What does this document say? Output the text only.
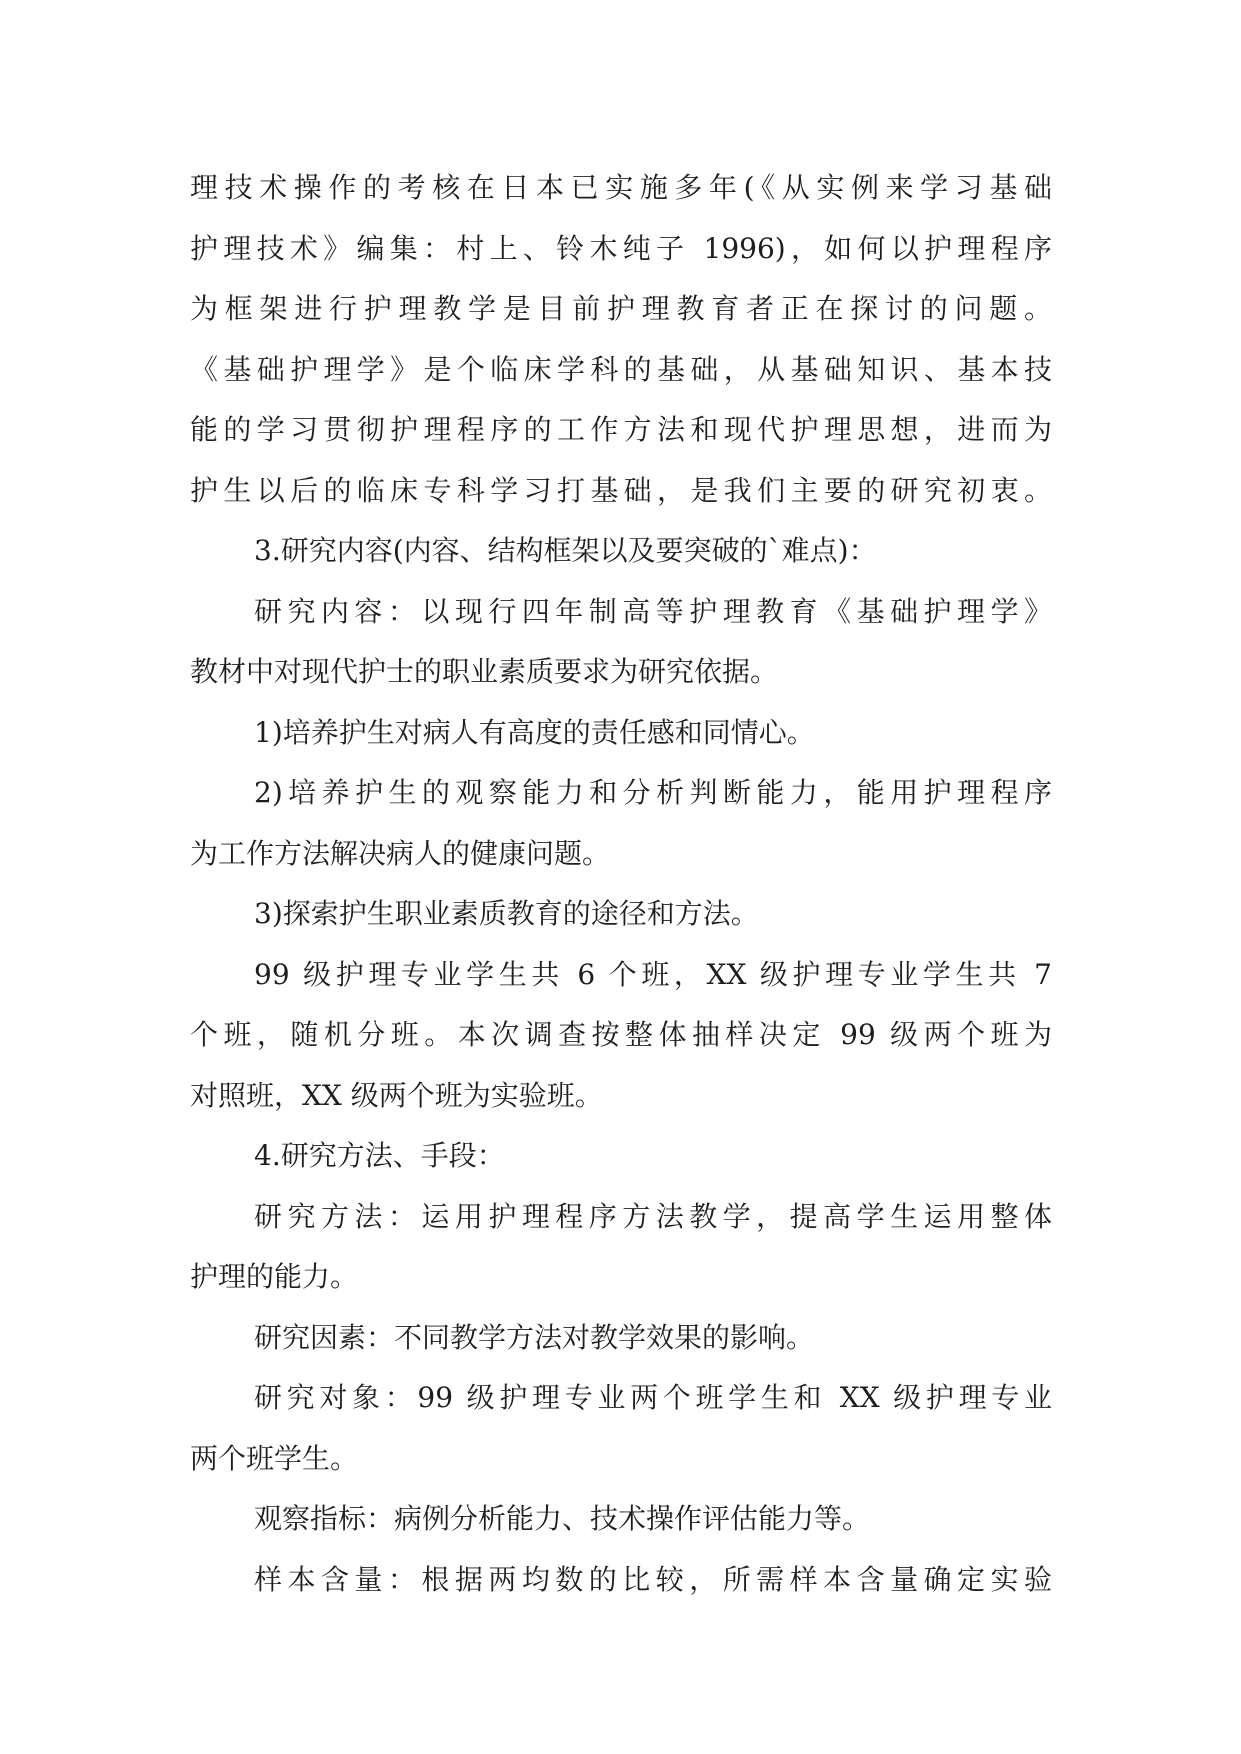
理技术操作的考核在日本已实施多年(《从实例来学习基础
护理技术》编集：村上、铃木纯子 1996)，如何以护理程序
为框架进行护理教学是目前护理教育者正在探讨的问题。
《基础护理学》是个临床学科的基础，从基础知识、基本技
能的学习贯彻护理程序的工作方法和现代护理思想，进而为
护生以后的临床专科学习打基础，是我们主要的研究初衷。
3.研究内容(内容、结构框架以及要突破的`难点)：
研究内容：以现行四年制高等护理教育《基础护理学》
教材中对现代护士的职业素质要求为研究依据。
1)培养护生对病人有高度的责任感和同情心。
2)培养护生的观察能力和分析判断能力，能用护理程序
为工作方法解决病人的健康问题。
3)探索护生职业素质教育的途径和方法。
99 级护理专业学生共 6 个班，XX 级护理专业学生共 7
个班，随机分班。本次调查按整体抽样决定 99 级两个班为
对照班，XX 级两个班为实验班。
4.研究方法、手段：
研究方法：运用护理程序方法教学，提高学生运用整体
护理的能力。
研究因素：不同教学方法对教学效果的影响。
研究对象：99 级护理专业两个班学生和 XX 级护理专业
两个班学生。
观察指标：病例分析能力、技术操作评估能力等。
样本含量：根据两均数的比较，所需样本含量确定实验
